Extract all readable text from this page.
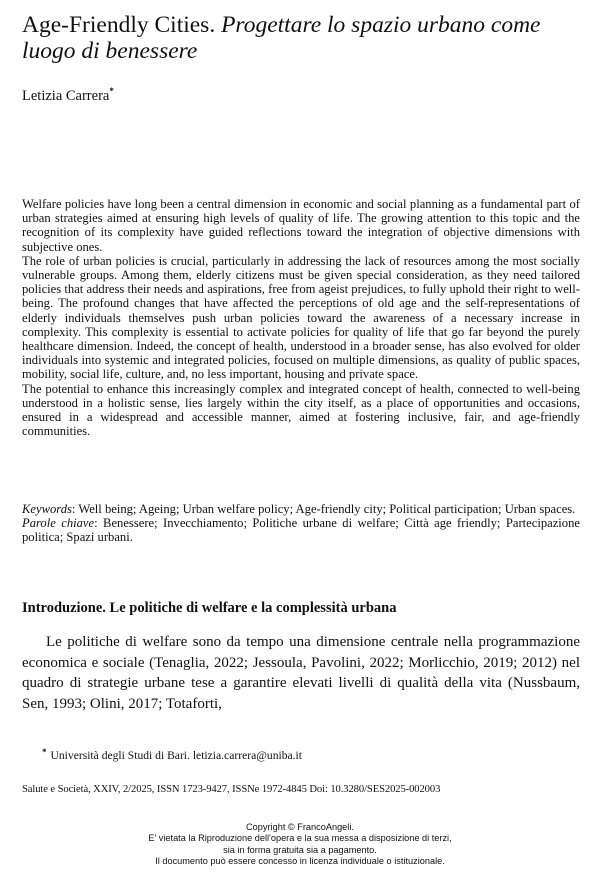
Age-Friendly Cities. Progettare lo spazio urbano come luogo di benessere
Letizia Carrera*

Welfare policies have long been a central dimension in economic and social planning as a fundamental part of urban strategies aimed at ensuring high levels of quality of life. The growing attention to this topic and the recognition of its complexity have guided reflections toward the integration of objective dimensions with subjective ones.

The role of urban policies is crucial, particularly in addressing the lack of resources among the most socially vulnerable groups. Among them, elderly citizens must be given special consideration, as they need tailored policies that address their needs and aspirations, free from ageist prejudices, to fully uphold their right to well-being. The profound changes that have affected the perceptions of old age and the self-representations of elderly individuals themselves push urban policies toward the awareness of a necessary increase in complexity. This complexity is essential to activate policies for quality of life that go far beyond the purely healthcare dimension. Indeed, the concept of health, understood in a broader sense, has also evolved for older individuals into systemic and integrated policies, focused on multiple dimensions, as quality of public spaces, mobility, social life, culture, and, no less important, housing and private space.

The potential to enhance this increasingly complex and integrated concept of health, connected to well-being understood in a holistic sense, lies largely within the city itself, as a place of opportunities and occasions, ensured in a widespread and accessible manner, aimed at fostering inclusive, fair, and age-friendly communities.

Keywords: Well being; Ageing; Urban welfare policy; Age-friendly city; Political participation; Urban spaces.

Parole chiave: Benessere; Invecchiamento; Politiche urbane di welfare; Città age friendly; Partecipazione politica; Spazi urbani.

Introduzione. Le politiche di welfare e la complessità urbana

Le politiche di welfare sono da tempo una dimensione centrale nella programmazione economica e sociale (Tenaglia, 2022; Jessoula, Pavolini, 2022; Morlicchio, 2019; 2012) nel quadro di strategie urbane tese a garantire elevati livelli di qualità della vita (Nussbaum, Sen, 1993; Olini, 2017; Totaforti,

* Università degli Studi di Bari. letizia.carrera@uniba.it
Salute e Società, XXIV, 2/2025, ISSN 1723-9427, ISSNe 1972-4845 Doi: 10.3280/SES2025-002003
Copyright © FrancoAngeli.
E' vietata la Riproduzione dell'opera e la sua messa a disposizione di terzi,
sia in forma gratuita sia a pagamento.
Il documento può essere concesso in licenza individuale o istituzionale.
